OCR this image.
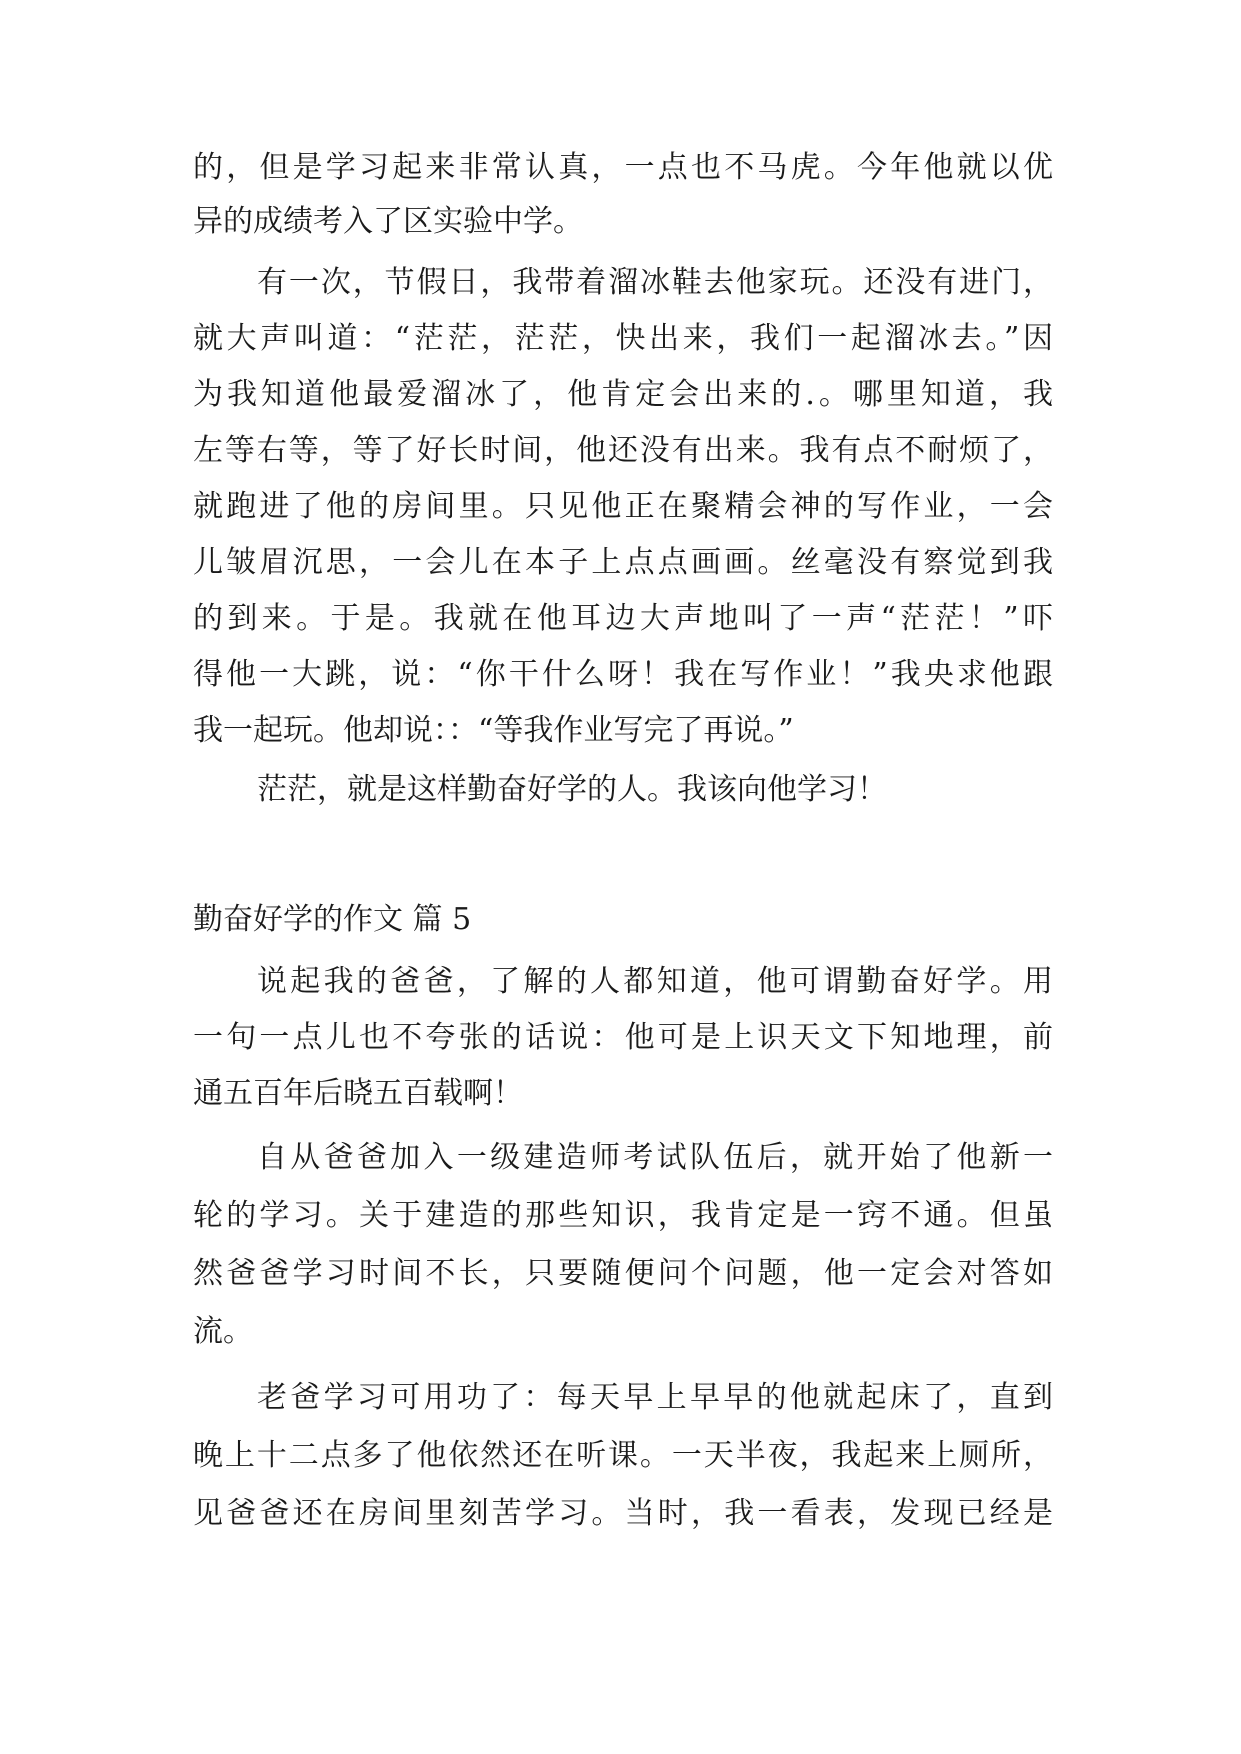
的，但是学习起来非常认真，一点也不马虎。今年他就以优
异的成绩考入了区实验中学。
有一次，节假日，我带着溜冰鞋去他家玩。还没有进门，
就大声叫道：“茫茫，茫茫，快出来，我们一起溜冰去。”因
为我知道他最爱溜冰了，他肯定会出来的.。哪里知道，我
左等右等，等了好长时间，他还没有出来。我有点不耐烦了，
就跑进了他的房间里。只见他正在聚精会神的写作业，一会
儿皱眉沉思，一会儿在本子上点点画画。丝毫没有察觉到我
的到来。于是。我就在他耳边大声地叫了一声“茫茫！”吓
得他一大跳，说：“你干什么呀！我在写作业！”我央求他跟
我一起玩。他却说：：“等我作业写完了再说。”
茫茫，就是这样勤奋好学的人。我该向他学习！
勤奋好学的作文 篇 5
说起我的爸爸，了解的人都知道，他可谓勤奋好学。用
一句一点儿也不夸张的话说：他可是上识天文下知地理，前
通五百年后晓五百载啊！
自从爸爸加入一级建造师考试队伍后，就开始了他新一
轮的学习。关于建造的那些知识，我肯定是一窍不通。但虽
然爸爸学习时间不长，只要随便问个问题，他一定会对答如
流。
老爸学习可用功了：每天早上早早的他就起床了，直到
晚上十二点多了他依然还在听课。一天半夜，我起来上厕所，
见爸爸还在房间里刻苦学习。当时，我一看表，发现已经是
